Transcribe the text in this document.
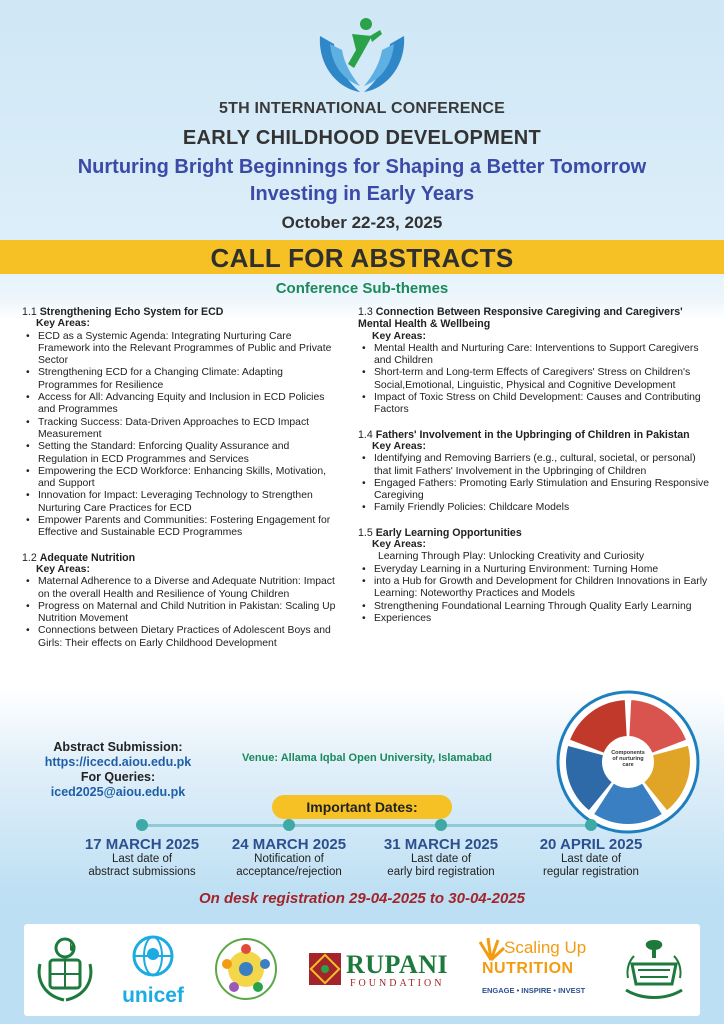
5TH INTERNATIONAL CONFERENCE
EARLY CHILDHOOD DEVELOPMENT
Nurturing Bright Beginnings for Shaping a Better Tomorrow
Investing in Early Years
October 22-23, 2025
CALL FOR ABSTRACTS
Conference Sub-themes
1.1 Strengthening Echo System for ECD
Key Areas:
• ECD as a Systemic Agenda: Integrating Nurturing Care Framework into the Relevant Programmes of Public and Private Sector
• Strengthening ECD for a Changing Climate: Adapting Programmes for Resilience
• Access for All: Advancing Equity and Inclusion in ECD Policies and Programmes
• Tracking Success: Data-Driven Approaches to ECD Impact Measurement
• Setting the Standard: Enforcing Quality Assurance and Regulation in ECD Programmes and Services
• Empowering the ECD Workforce: Enhancing Skills, Motivation, and Support
• Innovation for Impact: Leveraging Technology to Strengthen Nurturing Care Practices for ECD
• Empower Parents and Communities: Fostering Engagement for Effective and Sustainable ECD Programmes
1.2 Adequate Nutrition
Key Areas:
• Maternal Adherence to a Diverse and Adequate Nutrition: Impact on the overall Health and Resilience of Young Children
• Progress on Maternal and Child Nutrition in Pakistan: Scaling Up Nutrition Movement
• Connections between Dietary Practices of Adolescent Boys and Girls: Their effects on Early Childhood Development
1.3 Connection Between Responsive Caregiving and Caregivers' Mental Health & Wellbeing
Key Areas:
• Mental Health and Nurturing Care: Interventions to Support Caregivers and Children
• Short-term and Long-term Effects of Caregivers' Stress on Children's Social,Emotional, Linguistic, Physical and Cognitive Development
• Impact of Toxic Stress on Child Development: Causes and Contributing Factors
1.4 Fathers' Involvement in the Upbringing of Children in Pakistan
Key Areas:
• Identifying and Removing Barriers (e.g., cultural, societal, or personal) that limit Fathers' Involvement in the Upbringing of Children
• Engaged Fathers: Promoting Early Stimulation and Ensuring Responsive Caregiving
• Family Friendly Policies: Childcare Models
1.5 Early Learning Opportunities
Key Areas:
Learning Through Play: Unlocking Creativity and Curiosity
• Everyday Learning in a Nurturing Environment: Turning Home
• into a Hub for Growth and Development for Children Innovations in Early Learning: Noteworthy Practices and Models
• Strengthening Foundational Learning Through Quality Early Learning
• Experiences
Components of nurturing care
Abstract Submission:
https://icecd.aiou.edu.pk
For Queries:
iced2025@aiou.edu.pk
Venue: Allama Iqbal Open University, Islamabad
Important Dates:
17 MARCH 2025
Last date of
abstract submissions
24 MARCH 2025
Notification of
acceptance/rejection
31 MARCH 2025
Last date of
early bird registration
20 APRIL 2025
Last date of
regular registration
On desk registration 29-04-2025 to 30-04-2025
unicef
RUPANI
FOUNDATION
Scaling Up
NUTRITION
ENGAGE • INSPIRE • INVEST
